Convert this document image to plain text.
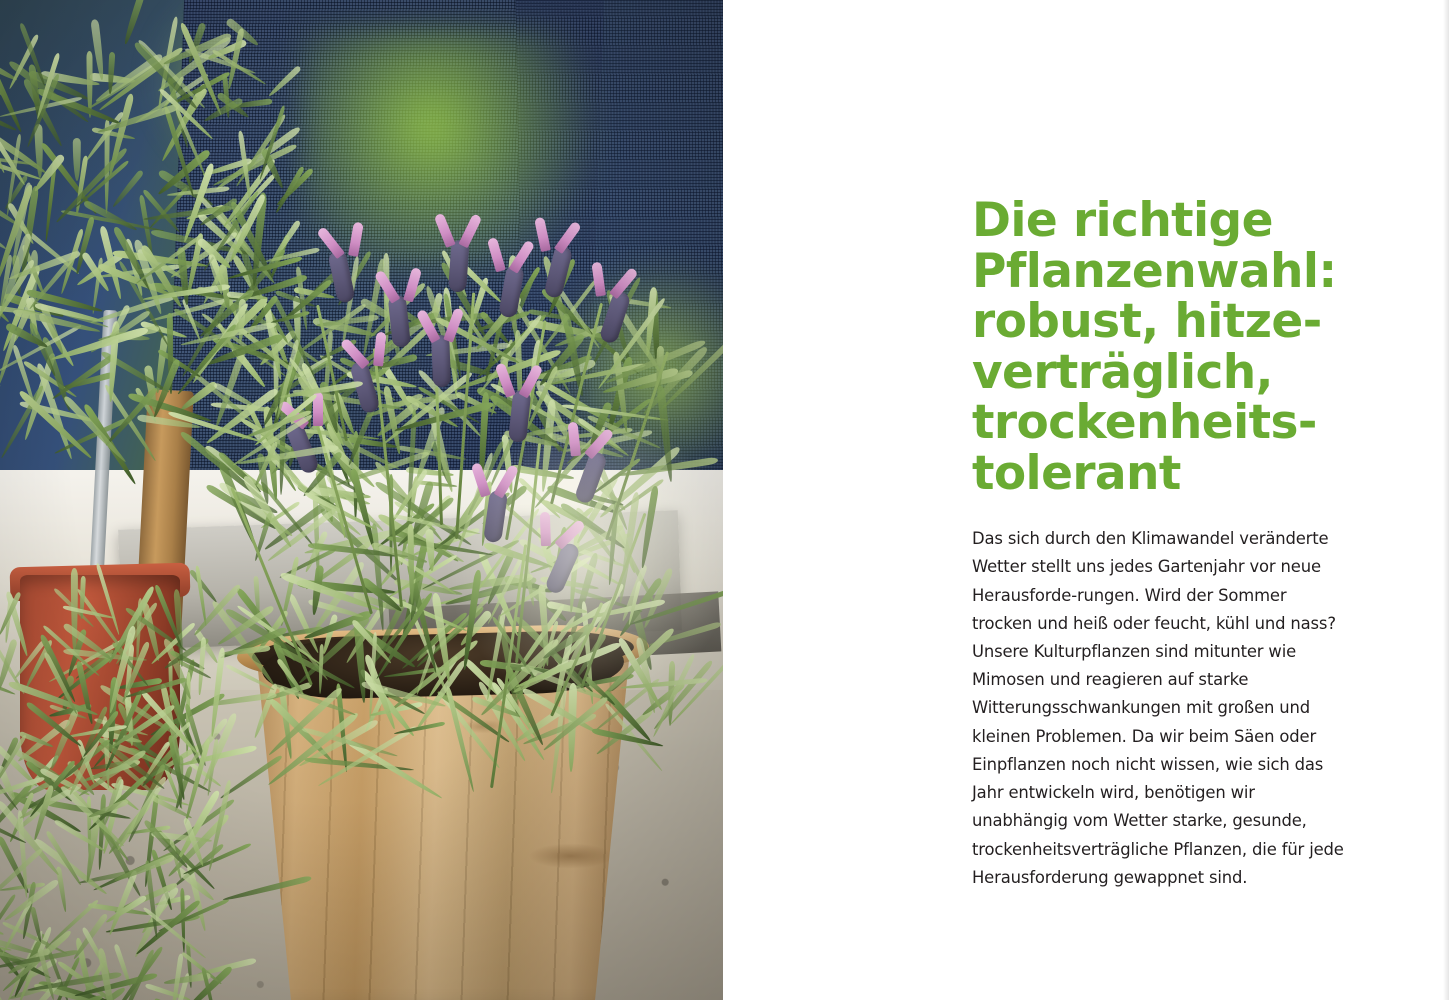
Die richtige Pflanzenwahl: robust, hitzeverträglich, trockenheitstolerant

Das sich durch den Klimawandel veränderte Wetter stellt uns jedes Gartenjahr vor neue Herausforde-rungen. Wird der Sommer trocken und heiß oder feucht, kühl und nass? Unsere Kulturpflanzen sind mitunter wie Mimosen und reagieren auf starke Witterungsschwankungen mit großen und kleinen Problemen. Da wir beim Säen oder Einpflanzen noch nicht wissen, wie sich das Jahr entwickeln wird, benötigen wir unabhängig vom Wetter starke, gesunde, trockenheitsverträgliche Pflanzen, die für jede Herausforderung gewappnet sind.
